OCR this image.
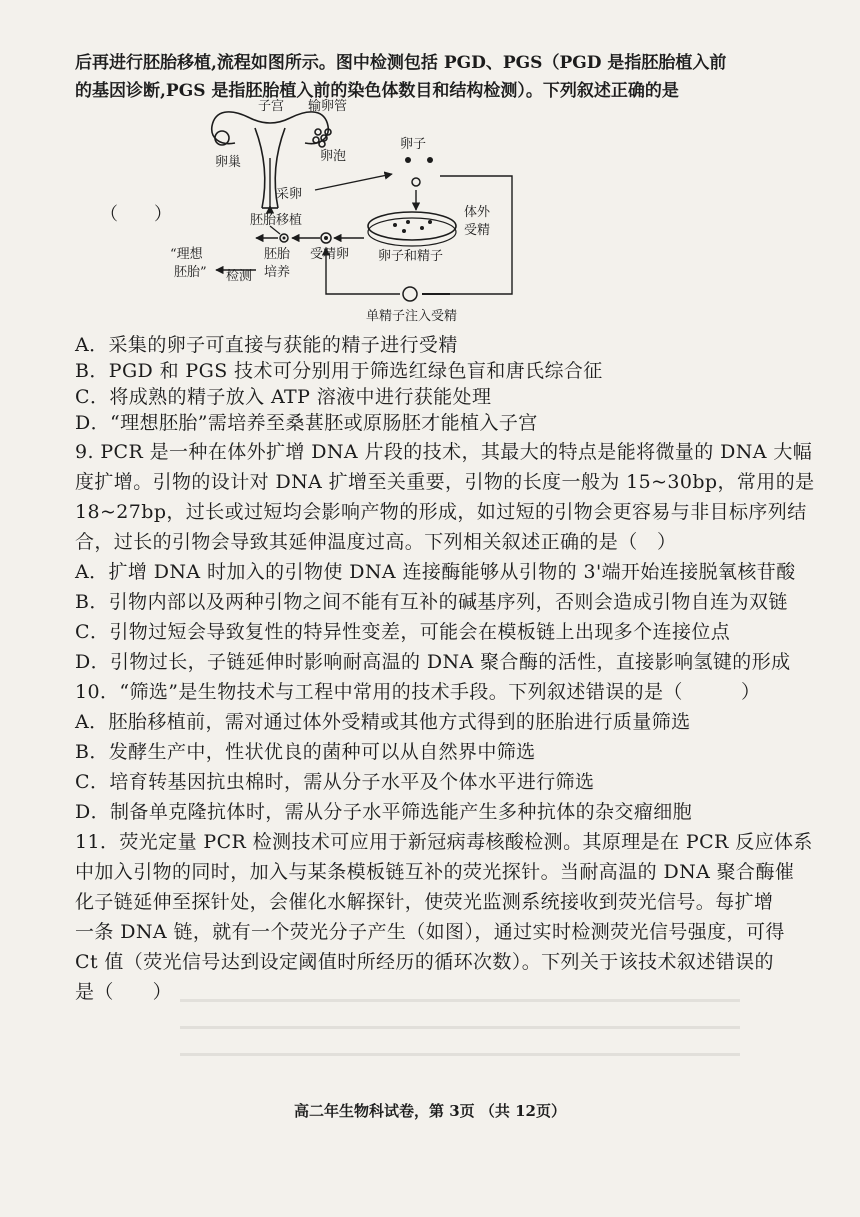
后再进行胚胎移植,流程如图所示。图中检测包括 PGD、PGS（PGD 是指胚胎植入前
的基因诊断,PGS 是指胚胎植入前的染色体数目和结构检测）。下列叙述正确的是
（　　）
子宫 输卵管
卵巢	卵泡
卵子
采卵
体外
受精
卵子和精子
胚胎移植
“理想
胚胎” 检测
胚胎
培养
受精卵
单精子注入受精
A．采集的卵子可直接与获能的精子进行受精
B．PGD 和 PGS 技术可分别用于筛选红绿色盲和唐氏综合征
C．将成熟的精子放入 ATP 溶液中进行获能处理
D．“理想胚胎”需培养至桑葚胚或原肠胚才能植入子宫
9. PCR 是一种在体外扩增 DNA 片段的技术，其最大的特点是能将微量的 DNA 大幅
度扩增。引物的设计对 DNA 扩增至关重要，引物的长度一般为 15~30bp，常用的是
18~27bp，过长或过短均会影响产物的形成，如过短的引物会更容易与非目标序列结
合，过长的引物会导致其延伸温度过高。下列相关叙述正确的是（　）
A．扩增 DNA 时加入的引物使 DNA 连接酶能够从引物的 3'端开始连接脱氧核苷酸
B．引物内部以及两种引物之间不能有互补的碱基序列，否则会造成引物自连为双链
C．引物过短会导致复性的特异性变差，可能会在模板链上出现多个连接位点
D．引物过长，子链延伸时影响耐高温的 DNA 聚合酶的活性，直接影响氢键的形成
10．“筛选”是生物技术与工程中常用的技术手段。下列叙述错误的是（　　　）
A．胚胎移植前，需对通过体外受精或其他方式得到的胚胎进行质量筛选
B．发酵生产中，性状优良的菌种可以从自然界中筛选
C．培育转基因抗虫棉时，需从分子水平及个体水平进行筛选
D．制备单克隆抗体时，需从分子水平筛选能产生多种抗体的杂交瘤细胞
11．荧光定量 PCR 检测技术可应用于新冠病毒核酸检测。其原理是在 PCR 反应体系
中加入引物的同时，加入与某条模板链互补的荧光探针。当耐高温的 DNA 聚合酶催
化子链延伸至探针处，会催化水解探针，使荧光监测系统接收到荧光信号。每扩增
一条 DNA 链，就有一个荧光分子产生（如图），通过实时检测荧光信号强度，可得
Ct 值（荧光信号达到设定阈值时所经历的循环次数）。下列关于该技术叙述错误的
是（　　）
高二年生物科试卷，第 3页 （共 12页）
